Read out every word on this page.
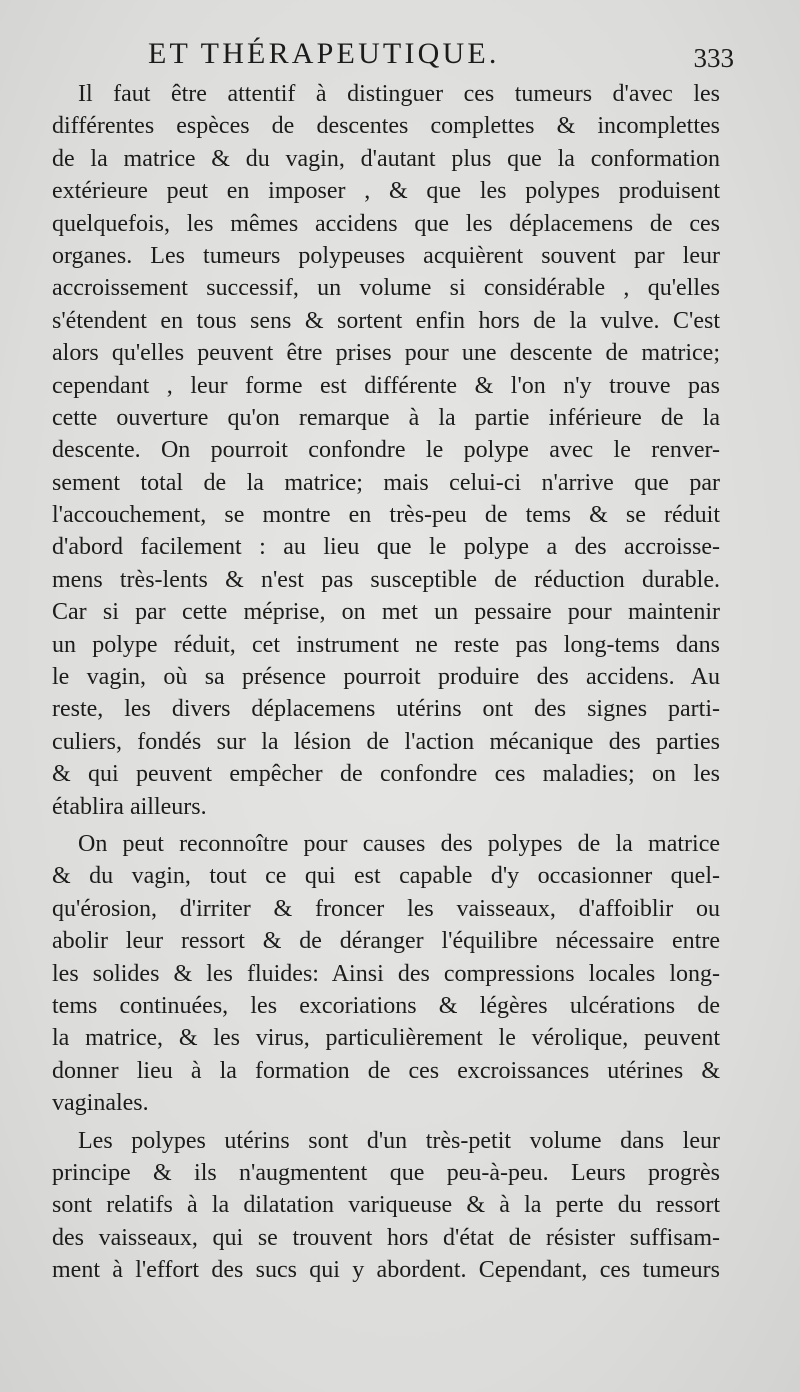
ET THÉRAPEUTIQUE.	333
Il faut être attentif à distinguer ces tumeurs d'avec les
différentes espèces de descentes complettes & incomplettes
de la matrice & du vagin, d'autant plus que la conformation
extérieure peut en imposer , & que les polypes produisent
quelquefois, les mêmes accidens que les déplacemens de ces
organes. Les tumeurs polypeuses acquièrent souvent par leur
accroissement successif, un volume si considérable , qu'elles
s'étendent en tous sens & sortent enfin hors de la vulve. C'est
alors qu'elles peuvent être prises pour une descente de matrice;
cependant , leur forme est différente & l'on n'y trouve pas
cette ouverture qu'on remarque à la partie inférieure de la
descente. On pourroit confondre le polype avec le renver-
sement total de la matrice; mais celui-ci n'arrive que par
l'accouchement, se montre en très-peu de tems & se réduit
d'abord facilement : au lieu que le polype a des accroisse-
mens très-lents & n'est pas susceptible de réduction durable.
Car si par cette méprise, on met un pessaire pour maintenir
un polype réduit, cet instrument ne reste pas long-tems dans
le vagin, où sa présence pourroit produire des accidens. Au
reste, les divers déplacemens utérins ont des signes parti-
culiers, fondés sur la lésion de l'action mécanique des parties
& qui peuvent empêcher de confondre ces maladies; on les
établira ailleurs.
On peut reconnoître pour causes des polypes de la matrice
& du vagin, tout ce qui est capable d'y occasionner quel-
qu'érosion, d'irriter & froncer les vaisseaux, d'affoiblir ou
abolir leur ressort & de déranger l'équilibre nécessaire entre
les solides & les fluides: Ainsi des compressions locales long-
tems continuées, les excoriations & légères ulcérations de
la matrice, & les virus, particulièrement le vérolique, peuvent
donner lieu à la formation de ces excroissances utérines &
vaginales.
Les polypes utérins sont d'un très-petit volume dans leur
principe & ils n'augmentent que peu-à-peu. Leurs progrès
sont relatifs à la dilatation variqueuse & à la perte du ressort
des vaisseaux, qui se trouvent hors d'état de résister suffisam-
ment à l'effort des sucs qui y abordent. Cependant, ces tumeurs
